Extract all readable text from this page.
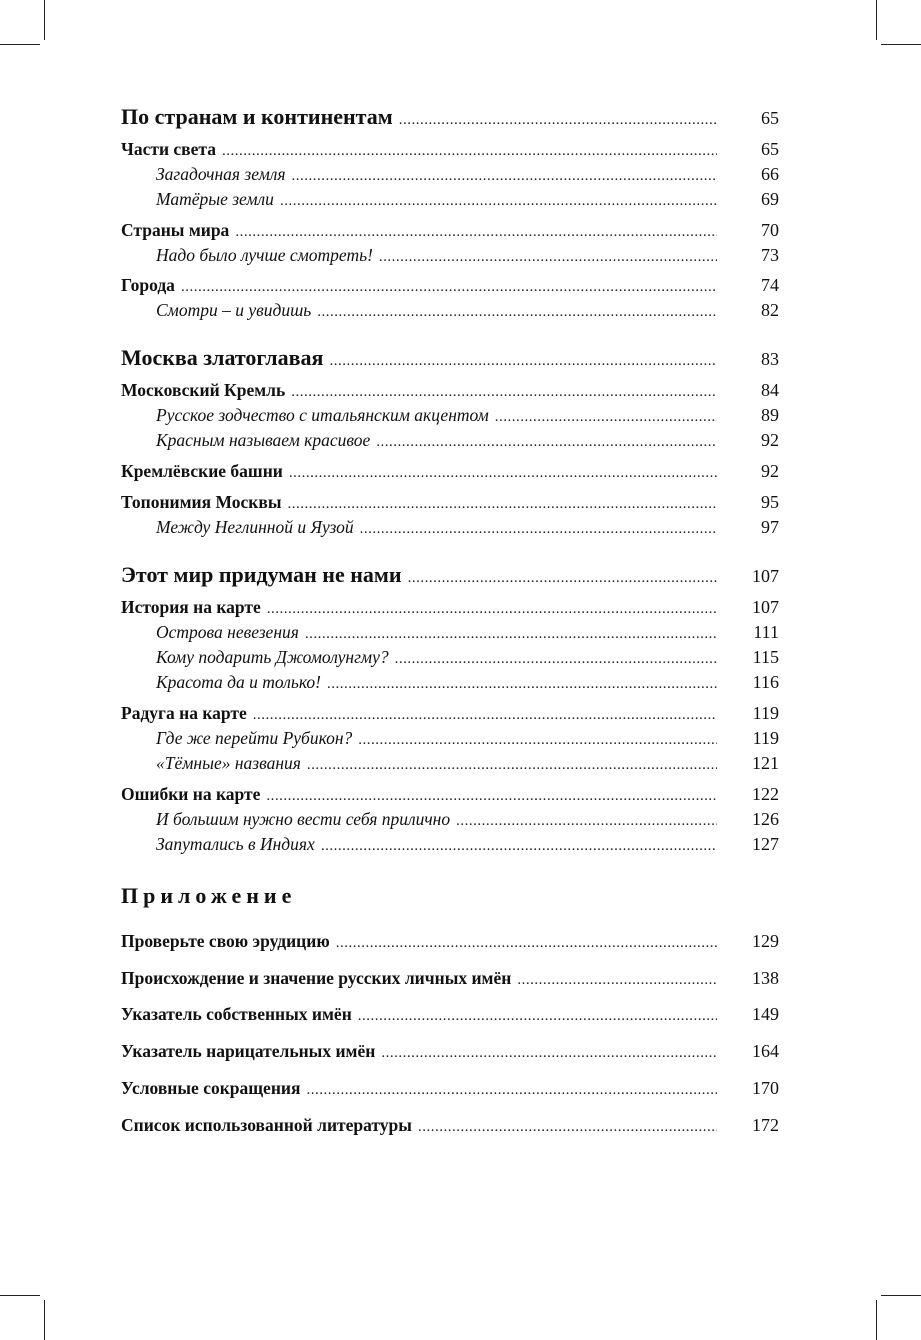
По странам и континентам .....	65
Части света .....	65
Загадочная земля .....	66
Матёрые земли .....	69
Страны мира .....	70
Надо было лучше смотреть! .....	73
Города .....	74
Смотри – и увидишь .....	82
Москва златоглавая .....	83
Московский Кремль .....	84
Русское зодчество с итальянским акцентом .....	89
Красным называем красивое .....	92
Кремлёвские башни .....	92
Топонимия Москвы .....	95
Между Неглинной и Яузой .....	97
Этот мир придуман не нами .....	107
История на карте .....	107
Острова невезения .....	111
Кому подарить Джомолунгму? .....	115
Красота да и только! .....	116
Радуга на карте .....	119
Где же перейти Рубикон? .....	119
«Тёмные» названия .....	121
Ошибки на карте .....	122
И большим нужно вести себя прилично .....	126
Запутались в Индиях .....	127
Приложение
Проверьте свою эрудицию .....	129
Происхождение и значение русских личных имён .....	138
Указатель собственных имён .....	149
Указатель нарицательных имён .....	164
Условные сокращения .....	170
Список использованной литературы .....	172
